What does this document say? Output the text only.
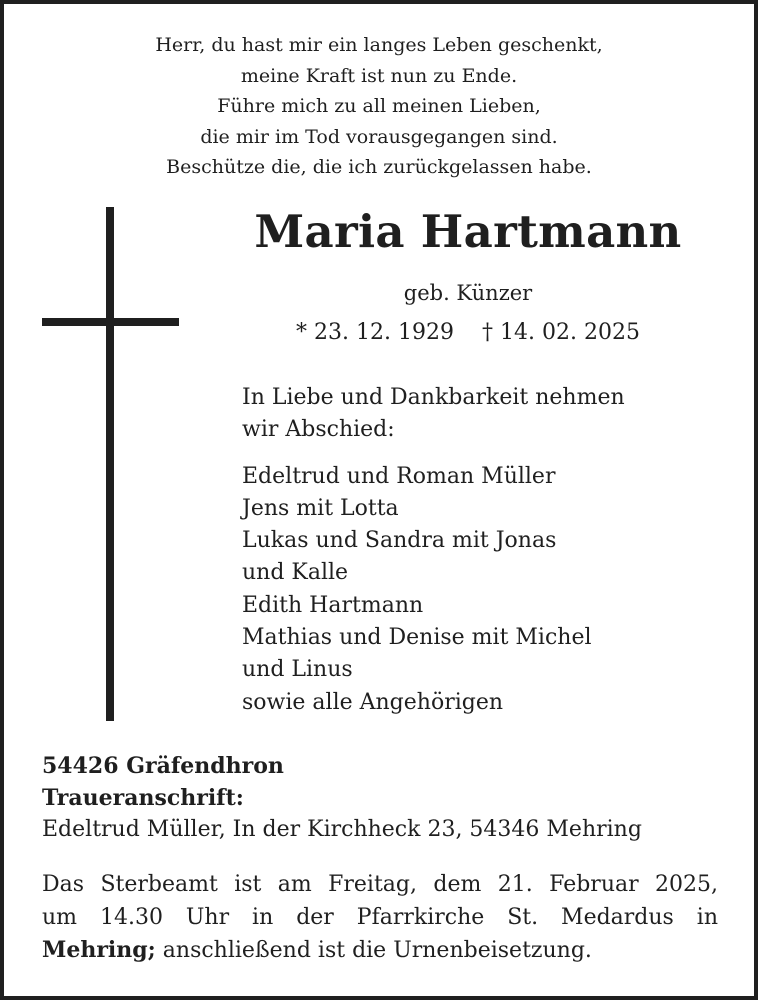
Herr, du hast mir ein langes Leben geschenkt,
meine Kraft ist nun zu Ende.
Führe mich zu all meinen Lieben,
die mir im Tod vorausgegangen sind.
Beschütze die, die ich zurückgelassen habe.
Maria Hartmann
geb. Künzer
* 23. 12. 1929 † 14. 02. 2025
In Liebe und Dankbarkeit nehmen
wir Abschied:
Edeltrud und Roman Müller
Jens mit Lotta
Lukas und Sandra mit Jonas
und Kalle
Edith Hartmann
Mathias und Denise mit Michel
und Linus
sowie alle Angehörigen
54426 Gräfendhron
Traueranschrift:
Edeltrud Müller, In der Kirchheck 23, 54346 Mehring
Das Sterbeamt ist am Freitag, dem 21. Februar 2025,
um 14.30 Uhr in der Pfarrkirche St. Medardus in
Mehring; anschließend ist die Urnenbeisetzung.
